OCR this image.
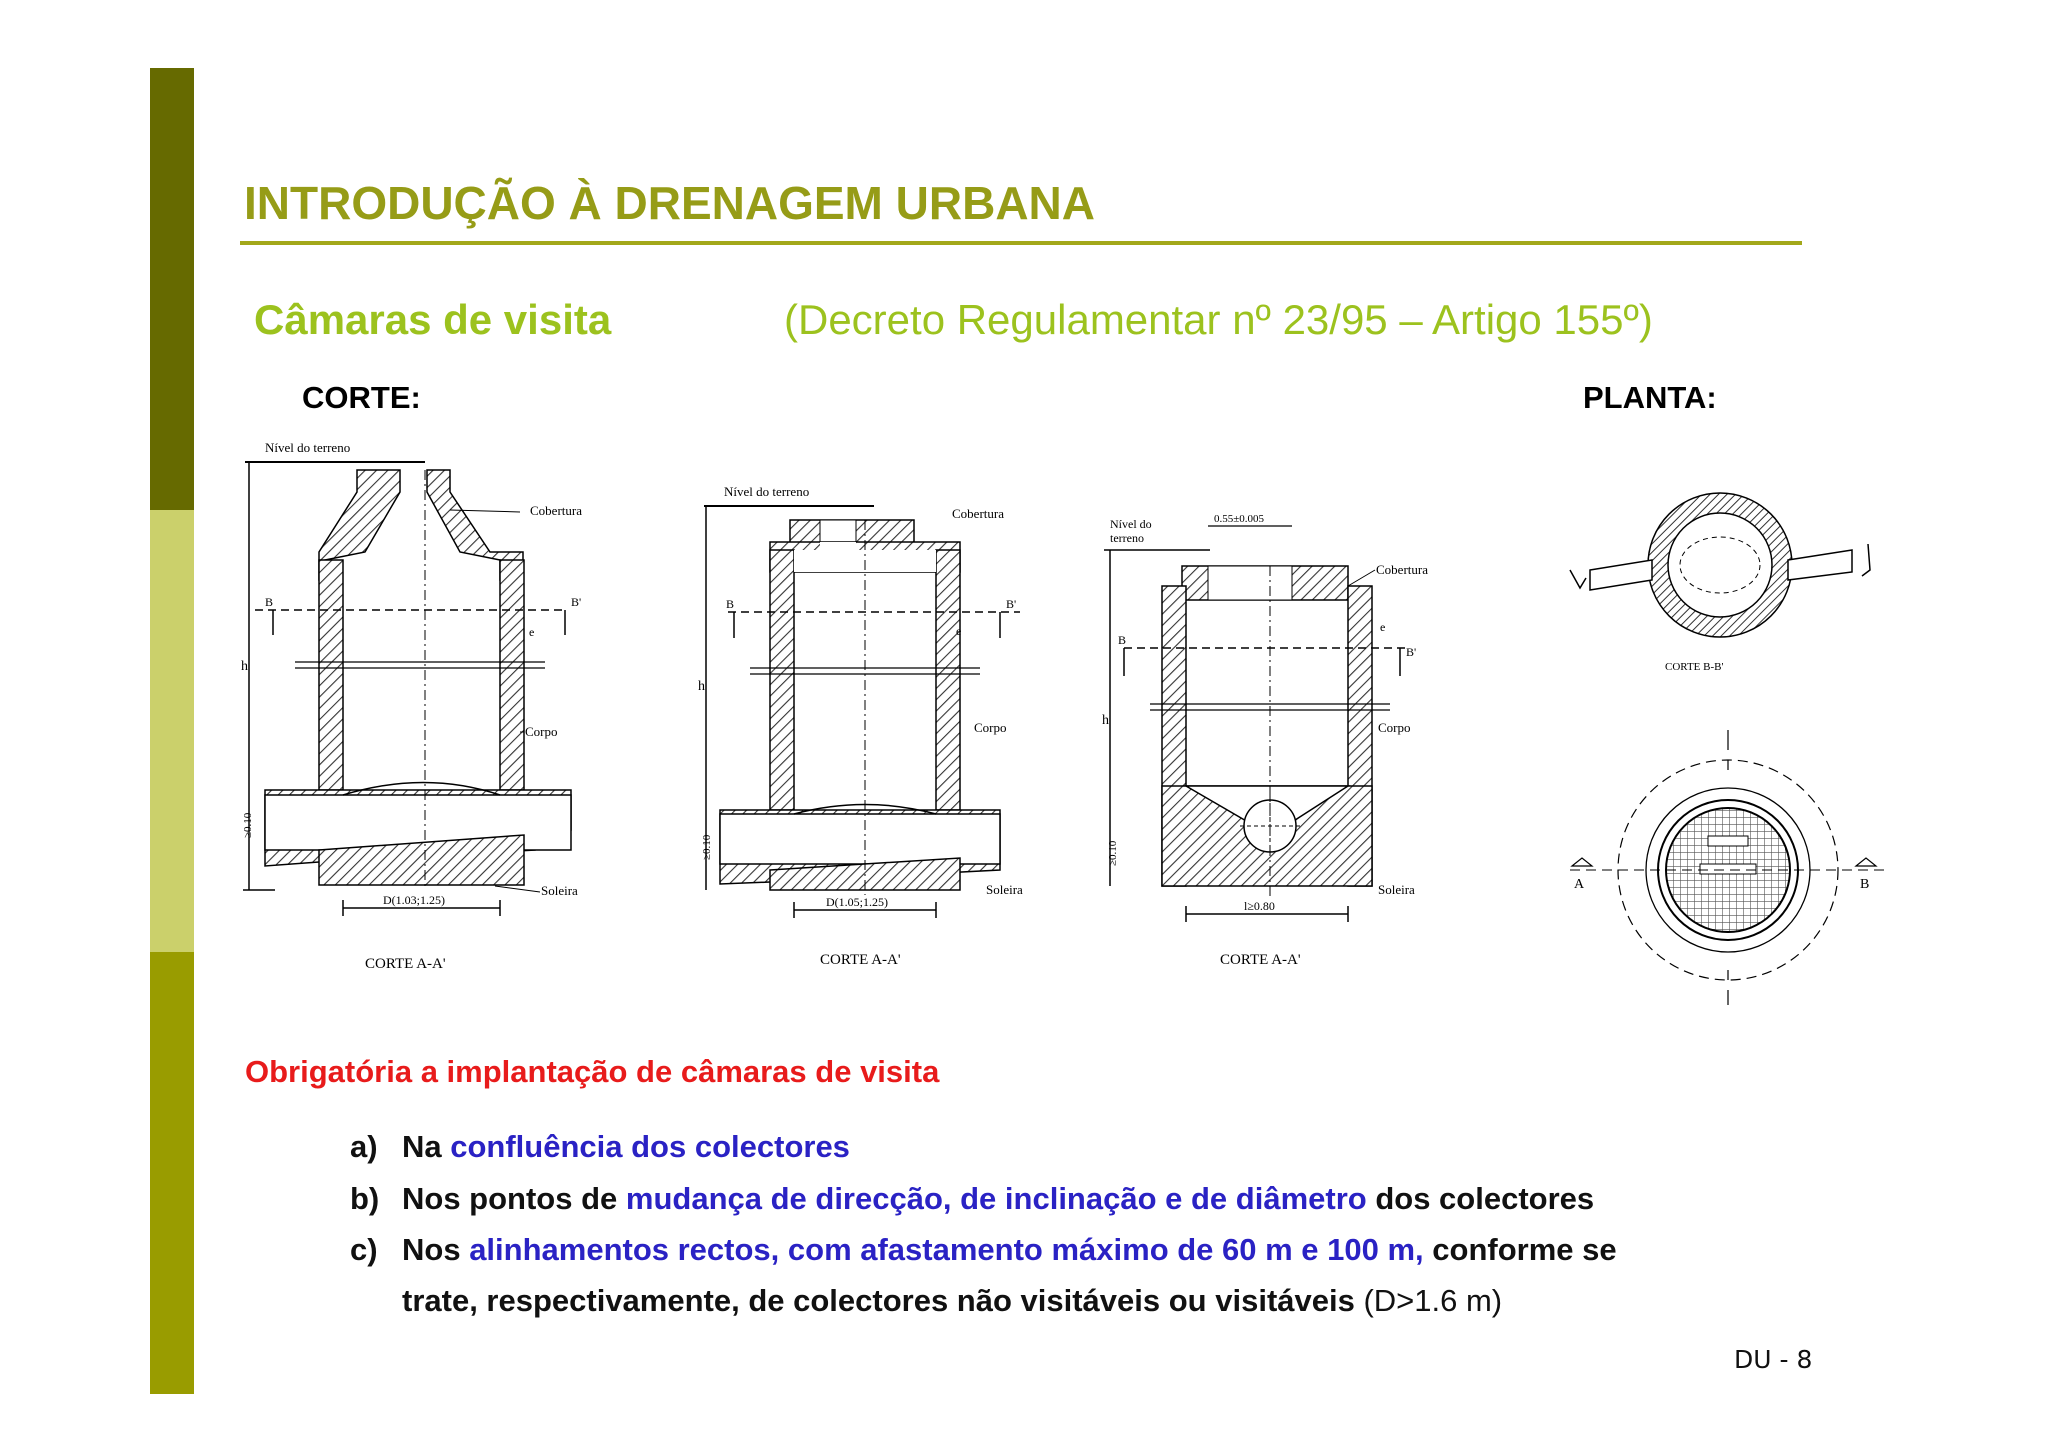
INTRODUÇÃO À DRENAGEM URBANA
Câmaras de visita	(Decreto Regulamentar nº 23/95 – Artigo 155º)
CORTE:	PLANTA:
Nível do terreno
h
B	B'
e
Cobertura
Corpo
Soleira
≥0.10
D(1.03;1.25)
CORTE A-A'
Nível do terreno
h
B	B'
e
Cobertura
Corpo
Soleira
≥0.10
D(1.05;1.25)
CORTE A-A'
Nível do
terreno
h
0.55±0.005
B
B'
e
Cobertura
Corpo
Soleira
≥0.10
l≥0.80
CORTE A-A'
CORTE B-B'
A	B
Obrigatória a implantação de câmaras de visita
a) Na confluência dos colectores
b) Nos pontos de mudança de direcção, de inclinação e de diâmetro dos colectores
c) Nos alinhamentos rectos, com afastamento máximo de 60 m e 100 m, conforme se
trate, respectivamente, de colectores não visitáveis ou visitáveis (D>1.6 m)
DU - 8
